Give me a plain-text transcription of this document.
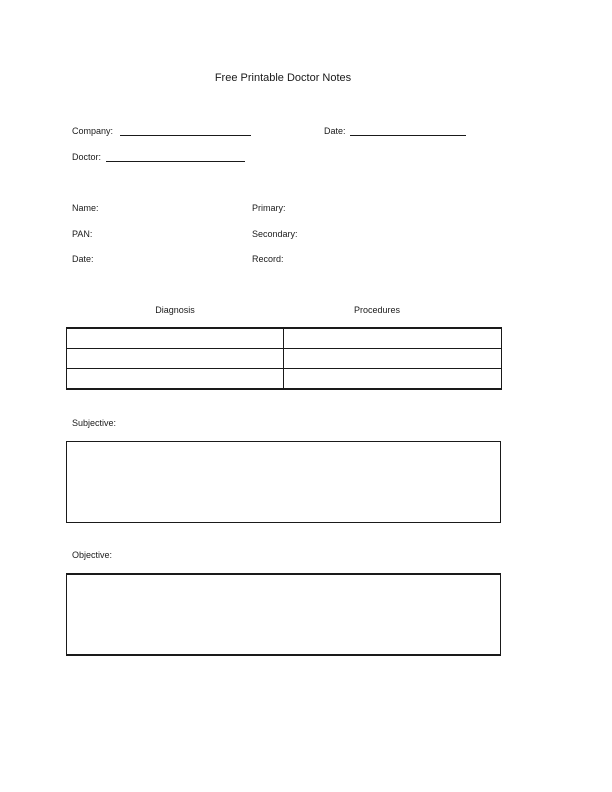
Free Printable Doctor Notes
Company:	Date:
Doctor:
Name:	Primary:
PAN:	Secondary:
Date:	Record:
Diagnosis	Procedures

Subjective:
Objective:
